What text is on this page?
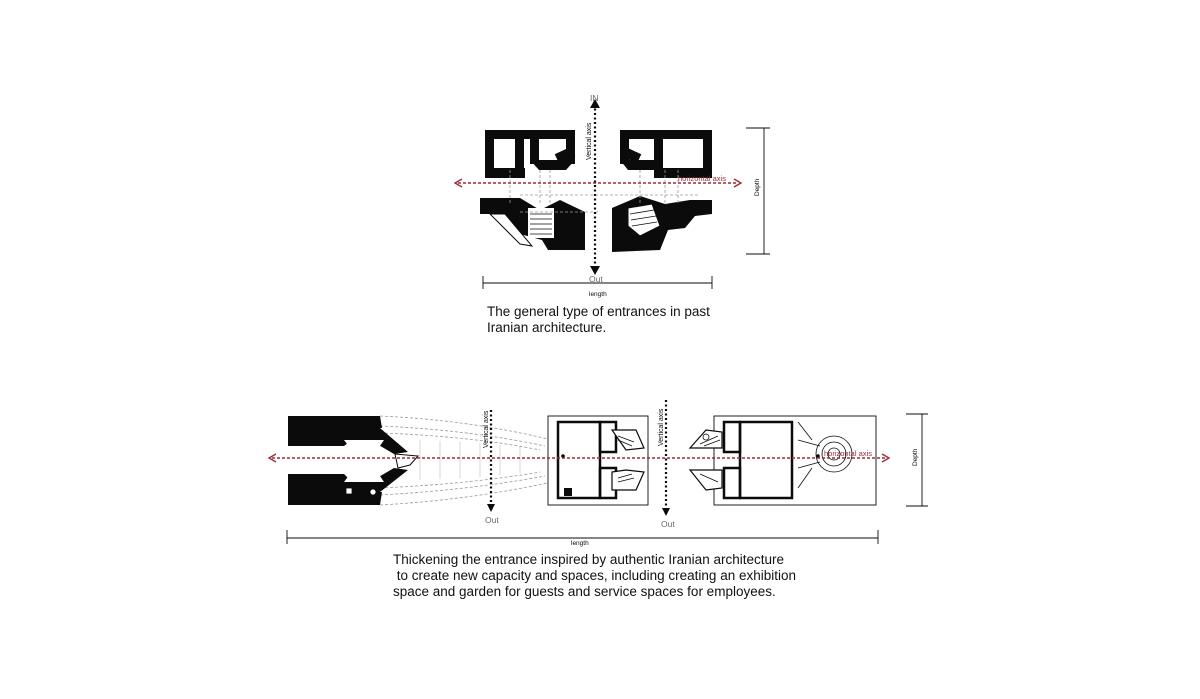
IN
Out
Vertical axis
horizontal axis
Depth
length
Vertical axis	Vertical axis
Out	Out
horizontal axis	Depth
length

The general type of entrances in past
Iranian architecture.

Thickening the entrance inspired by authentic Iranian architecture
to create new capacity and spaces, including creating an exhibition
space and garden for guests and service spaces for employees.
